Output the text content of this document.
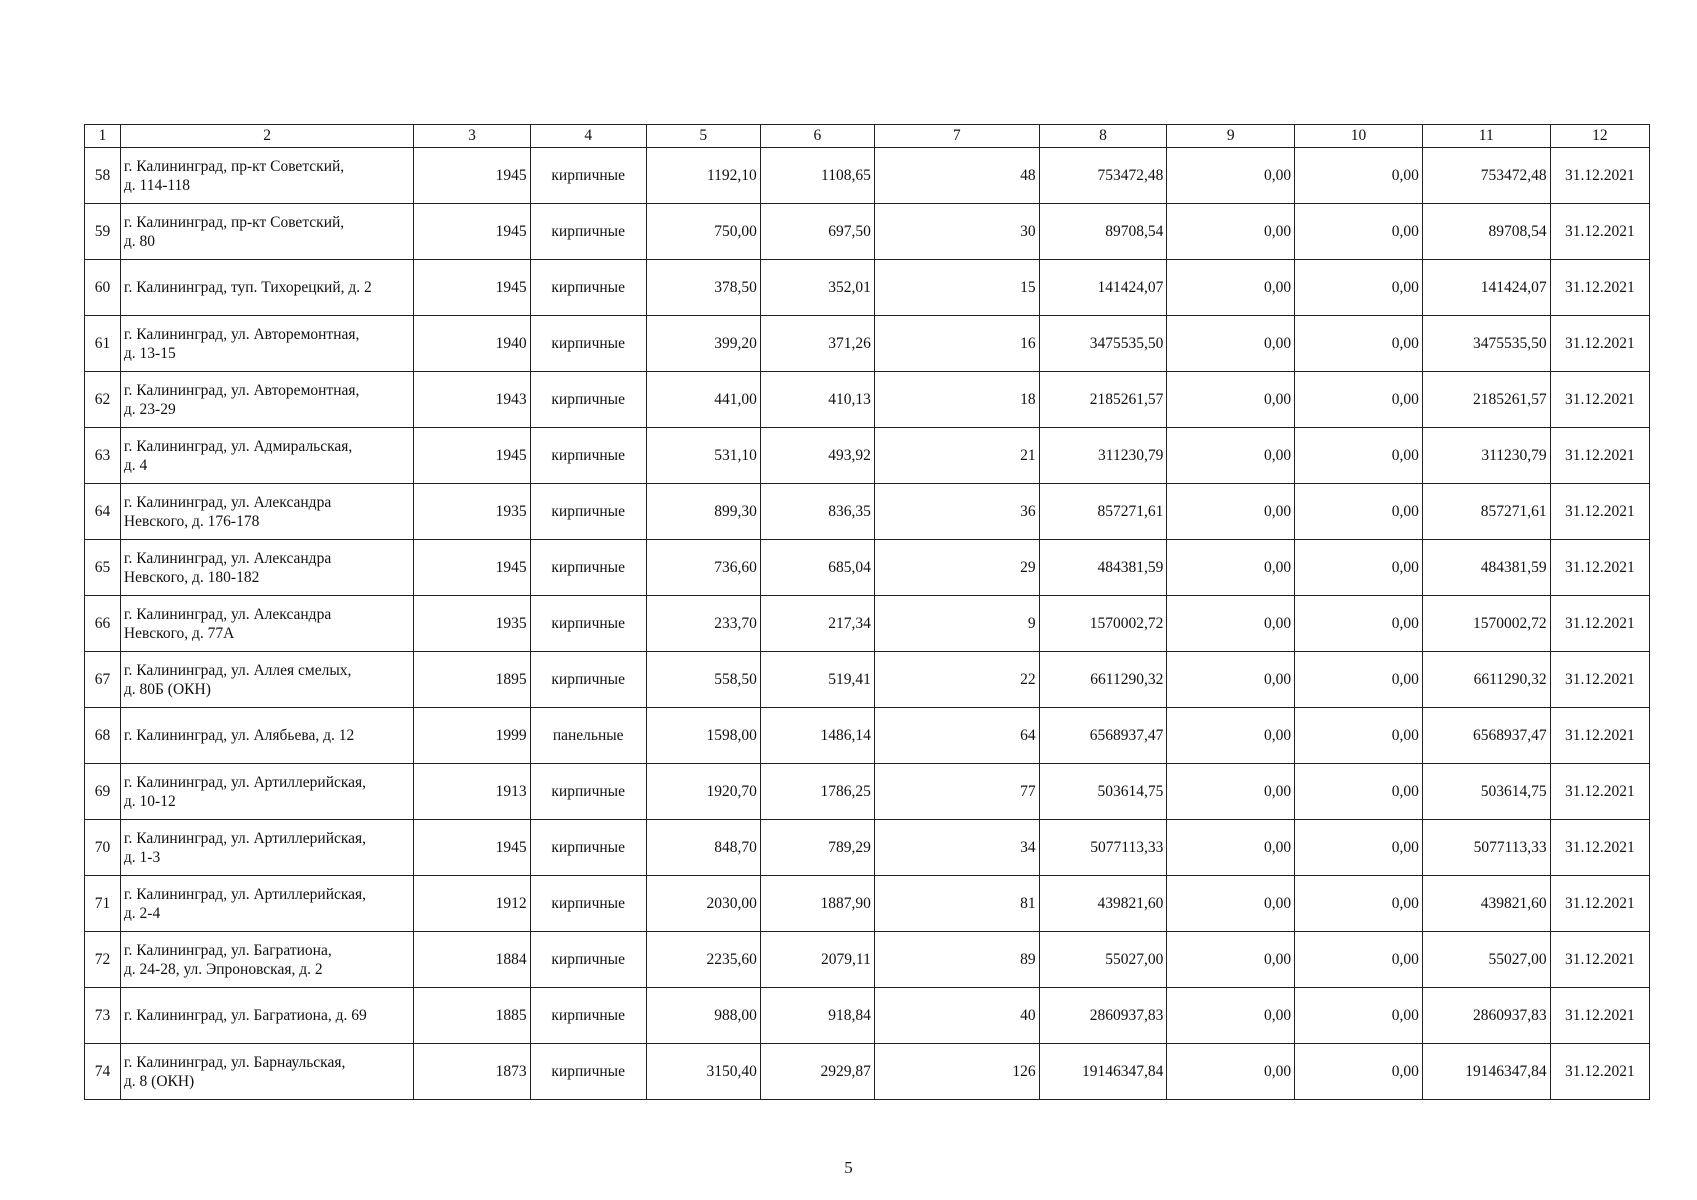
1	2	3	4	5	6	7	8	9	10	11	12
58	г. Калининград, пр-кт Советский,
д. 114-118	1945	кирпичные	1192,10	1108,65	48	753472,48	0,00	0,00	753472,48	31.12.2021
59	г. Калининград, пр-кт Советский,
д. 80	1945	кирпичные	750,00	697,50	30	89708,54	0,00	0,00	89708,54	31.12.2021
60	г. Калининград, туп. Тихорецкий, д. 2	1945	кирпичные	378,50	352,01	15	141424,07	0,00	0,00	141424,07	31.12.2021
61	г. Калининград, ул. Авторемонтная,
д. 13-15	1940	кирпичные	399,20	371,26	16	3475535,50	0,00	0,00	3475535,50	31.12.2021
62	г. Калининград, ул. Авторемонтная,
д. 23-29	1943	кирпичные	441,00	410,13	18	2185261,57	0,00	0,00	2185261,57	31.12.2021
63	г. Калининград, ул. Адмиральская,
д. 4	1945	кирпичные	531,10	493,92	21	311230,79	0,00	0,00	311230,79	31.12.2021
64	г. Калининград, ул. Александра
Невского, д. 176-178	1935	кирпичные	899,30	836,35	36	857271,61	0,00	0,00	857271,61	31.12.2021
65	г. Калининград, ул. Александра
Невского, д. 180-182	1945	кирпичные	736,60	685,04	29	484381,59	0,00	0,00	484381,59	31.12.2021
66	г. Калининград, ул. Александра
Невского, д. 77А	1935	кирпичные	233,70	217,34	9	1570002,72	0,00	0,00	1570002,72	31.12.2021
67	г. Калининград, ул. Аллея смелых,
д. 80Б (ОКН)	1895	кирпичные	558,50	519,41	22	6611290,32	0,00	0,00	6611290,32	31.12.2021
68	г. Калининград, ул. Алябьева, д. 12	1999	панельные	1598,00	1486,14	64	6568937,47	0,00	0,00	6568937,47	31.12.2021
69	г. Калининград, ул. Артиллерийская,
д. 10-12	1913	кирпичные	1920,70	1786,25	77	503614,75	0,00	0,00	503614,75	31.12.2021
70	г. Калининград, ул. Артиллерийская,
д. 1-3	1945	кирпичные	848,70	789,29	34	5077113,33	0,00	0,00	5077113,33	31.12.2021
71	г. Калининград, ул. Артиллерийская,
д. 2-4	1912	кирпичные	2030,00	1887,90	81	439821,60	0,00	0,00	439821,60	31.12.2021
72	г. Калининград, ул. Багратиона,
д. 24-28, ул. Эпроновская, д. 2	1884	кирпичные	2235,60	2079,11	89	55027,00	0,00	0,00	55027,00	31.12.2021
73	г. Калининград, ул. Багратиона, д. 69	1885	кирпичные	988,00	918,84	40	2860937,83	0,00	0,00	2860937,83	31.12.2021
74	г. Калининград, ул. Барнаульская,
д. 8 (ОКН)	1873	кирпичные	3150,40	2929,87	126	19146347,84	0,00	0,00	19146347,84	31.12.2021
5
